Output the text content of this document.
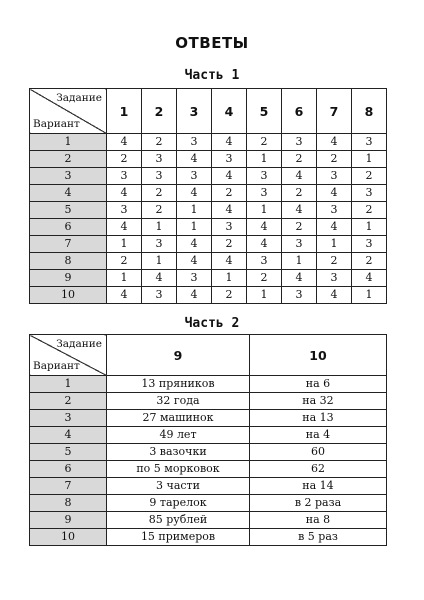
ОТВЕТЫ
Часть 1
Задание
Вариант	1	2	3	4	5	6	7	8
1	4	2	3	4	2	3	4	3
2	2	3	4	3	1	2	2	1
3	3	3	3	4	3	4	3	2
4	4	2	4	2	3	2	4	3
5	3	2	1	4	1	4	3	2
6	4	1	1	3	4	2	4	1
7	1	3	4	2	4	3	1	3
8	2	1	4	4	3	1	2	2
9	1	4	3	1	2	4	3	4
10	4	3	4	2	1	3	4	1
Часть 2
Задание
Вариант	9	10
1	13 пряников	на 6
2	32 года	на 32
3	27 машинок	на 13
4	49 лет	на 4
5	3 вазочки	60
6	по 5 морковок	62
7	3 части	на 14
8	9 тарелок	в 2 раза
9	85 рублей	на 8
10	15 примеров	в 5 раз
